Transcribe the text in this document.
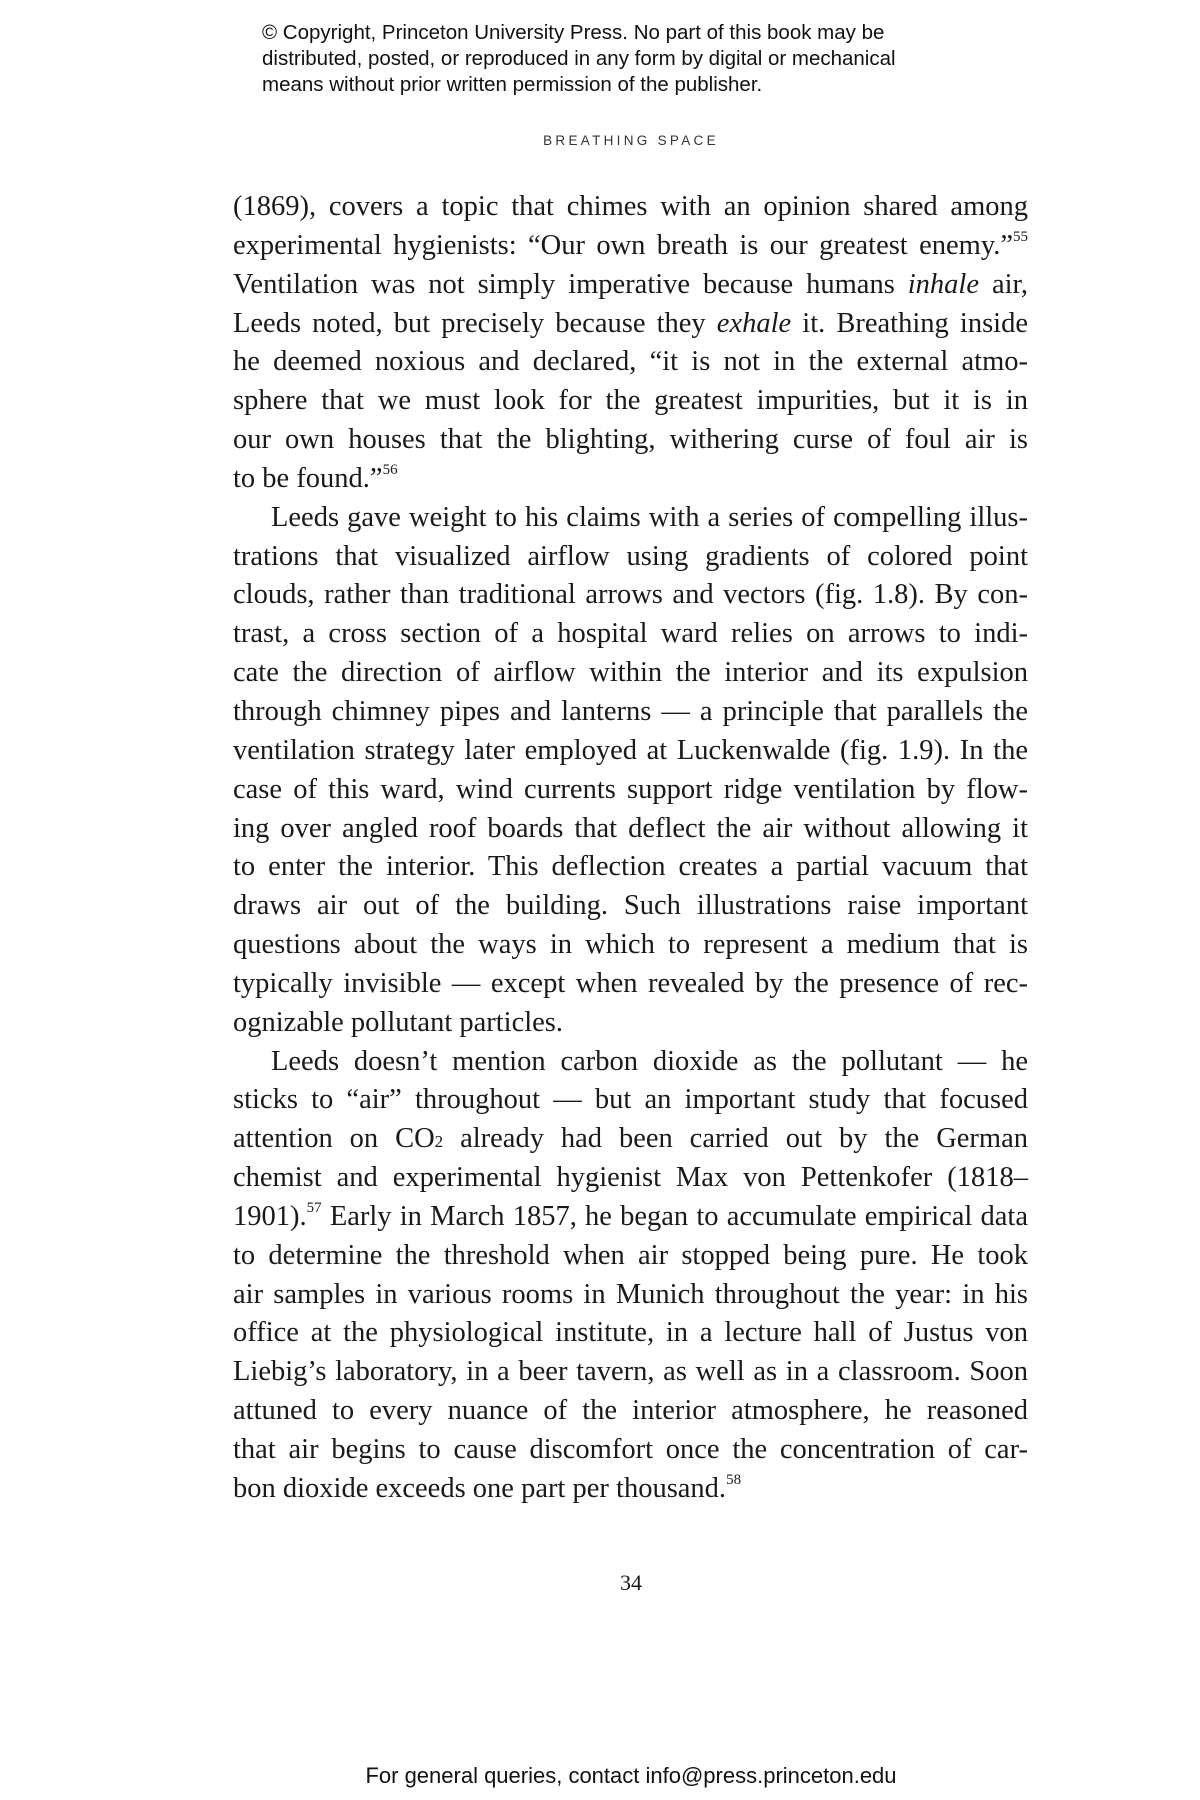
© Copyright, Princeton University Press. No part of this book may be
distributed, posted, or reproduced in any form by digital or mechanical
means without prior written permission of the publisher.
BREATHING SPACE
(1869), covers a topic that chimes with an opinion shared among
experimental hygienists: “Our own breath is our greatest enemy.”$^{55}$
Ventilation was not simply imperative because humans inhale air,
Leeds noted, but precisely because they exhale it. Breathing inside
he deemed noxious and declared, “it is not in the external atmo-
sphere that we must look for the greatest impurities, but it is in
our own houses that the blighting, withering curse of foul air is
to be found.”$^{56}$
Leeds gave weight to his claims with a series of compelling illus-
trations that visualized airflow using gradients of colored point
clouds, rather than traditional arrows and vectors (fig. 1.8). By con-
trast, a cross section of a hospital ward relies on arrows to indi-
cate the direction of airflow within the interior and its expulsion
through chimney pipes and lanterns — a principle that parallels the
ventilation strategy later employed at Luckenwalde (fig. 1.9). In the
case of this ward, wind currents support ridge ventilation by flow-
ing over angled roof boards that deflect the air without allowing it
to enter the interior. This deflection creates a partial vacuum that
draws air out of the building. Such illustrations raise important
questions about the ways in which to represent a medium that is
typically invisible — except when revealed by the presence of rec-
ognizable pollutant particles.
Leeds doesn’t mention carbon dioxide as the pollutant — he
sticks to “air” throughout — but an important study that focused
attention on CO2 already had been carried out by the German
chemist and experimental hygienist Max von Pettenkofer (1818–
1901).$^{57}$ Early in March 1857, he began to accumulate empirical data
to determine the threshold when air stopped being pure. He took
air samples in various rooms in Munich throughout the year: in his
office at the physiological institute, in a lecture hall of Justus von
Liebig’s laboratory, in a beer tavern, as well as in a classroom. Soon
attuned to every nuance of the interior atmosphere, he reasoned
that air begins to cause discomfort once the concentration of car-
bon dioxide exceeds one part per thousand.$^{58}$
34
For general queries, contact info@press.princeton.edu
